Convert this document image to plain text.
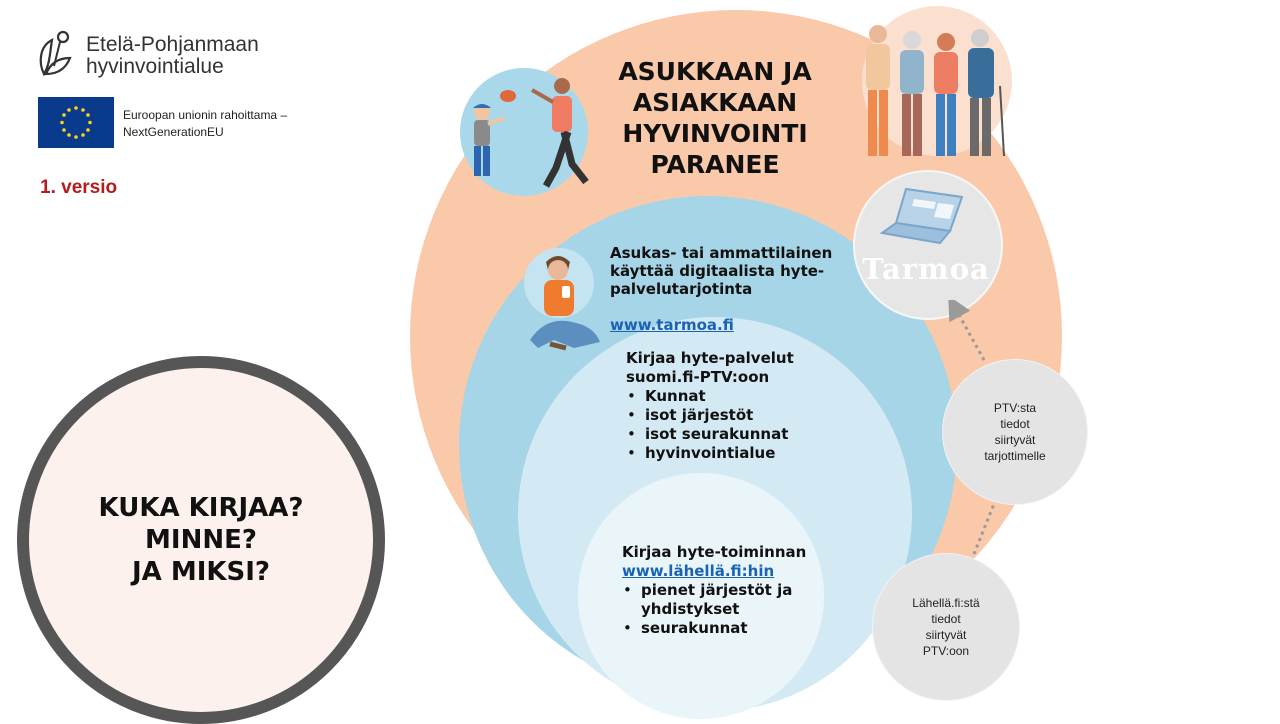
Etelä-Pohjanmaan
hyvinvointialue
Euroopan unionin rahoittama –
NextGenerationEU
1. versio
KUKA KIRJAA?
MINNE?
JA MIKSI?
ASUKKAAN JA
ASIAKKAAN
HYVINVOINTI
PARANEE
Tarmoa

Asukas- tai ammattilainen
käyttää digitaalista hyte-
palvelutarjotinta

www.tarmoa.fi

Kirjaa hyte-palvelut suomi.fi-PTV:oon
• Kunnat
• isot järjestöt
• isot seurakunnat
• hyvinvointialue
Kirjaa hyte-toiminnan
www.lähellä.fi:hin
• pienet järjestöt ja yhdistykset
• seurakunnat
PTV:sta
tiedot
siirtyvät
tarjottimelle
Lähellä.fi:stä
tiedot
siirtyvät
PTV:oon
